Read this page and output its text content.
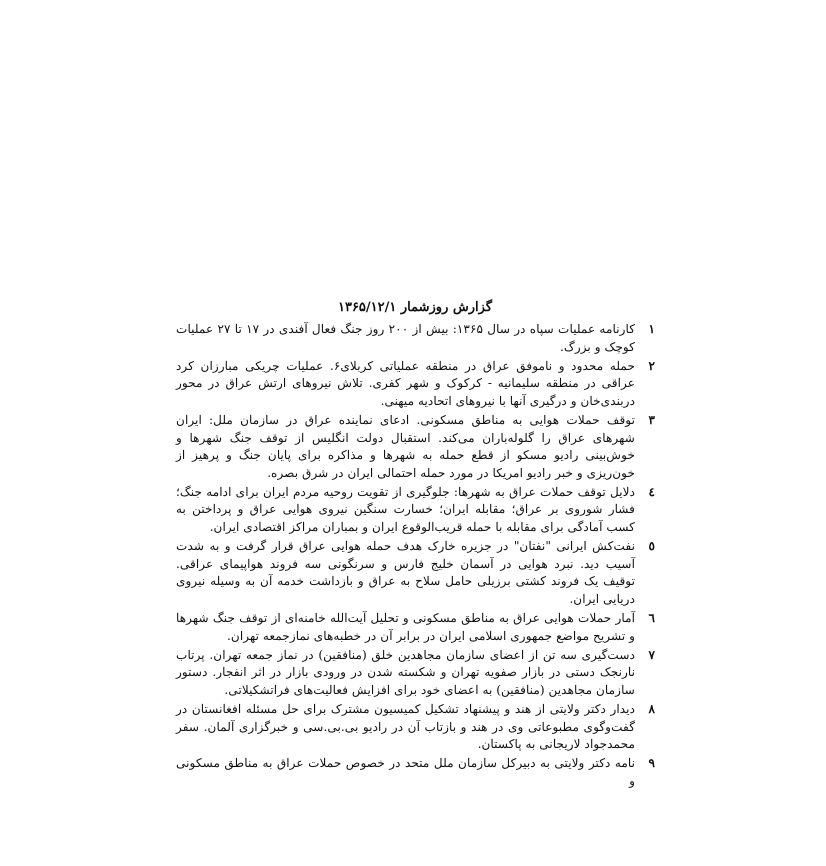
گزارش روزشمار ۱۳۶۵/۱۲/۱
۱
کارنامه عملیات سپاه در سال ۱۳۶۵: بیش از ۲۰۰ روز جنگ فعال آفندی در ۱۷ تا ۲۷ عملیات کوچک و بزرگ.
۲
حمله محدود و ناموفق عراق در منطقه عملیاتی کربلای۶. عملیات چریکی مبارزان کرد عراقی در منطقه سلیمانیه - کرکوک و شهر کفری. تلاش نیروهای ارتش عراق در محور دربندی‌خان و درگیری آنها با نیروهای اتحادیه میهنی.
۳
توقف حملات هوایی به مناطق مسکونی. ادعای نماینده عراق در سازمان ملل: ایران شهرهای عراق را گلوله‌باران می‌کند. استقبال دولت انگلیس از توقف جنگ شهرها و خوش‌بینی رادیو مسکو از قطع حمله به شهرها و مذاکره برای پایان جنگ و پرهیز از خون‌ریزی و خبر رادیو امریکا در مورد حمله احتمالی ایران در شرق بصره.
٤
دلایل توقف حملات عراق به شهرها: جلوگیری از تقویت روحیه مردم ایران برای ادامه جنگ؛ فشار شوروی بر عراق؛ مقابله ایران؛ خسارت سنگین نیروی هوایی عراق و پرداختن به کسب آمادگی برای مقابله با حمله قریب‌الوقوع ایران و بمباران مراکز اقتصادی ایران.
٥
نفت‌کش ایرانی "نفتان" در جزیره خارک هدف حمله هوایی عراق قرار گرفت و به شدت آسیب دید. نبرد هوایی در آسمان خلیج فارس و سرنگونی سه فروند هواپیمای عراقی. توقیف یک فروند کشتی برزیلی حامل سلاح به عراق و بازداشت خدمه آن به وسیله نیروی دریایی ایران.
٦
آمار حملات هوایی عراق به مناطق مسکونی و تحلیل آیت‌الله خامنه‌ای از توقف جنگ شهرها و تشریح مواضع جمهوری اسلامی ایران در برابر آن در خطبه‌های نمازجمعه تهران.
۷
دست‌گیری سه تن از اعضای سازمان مجاهدین خلق (منافقین) در نماز جمعه تهران. پرتاب نارنجک دستی در بازار صفویه تهران و شکسته شدن در ورودی بازار در اثر انفجار. دستور سازمان مجاهدین (منافقین) به اعضای خود برای افزایش فعالیت‌های فراتشکیلاتی.
۸
دیدار دکتر ولایتی از هند و پیشنهاد تشکیل کمیسیون مشترک برای حل مسئله افغانستان در گفت‌وگوی مطبوعاتی وی در هند و بازتاب آن در رادیو بی.بی.سی و خبرگزاری آلمان. سفر محمدجواد لاریجانی به پاکستان.
۹
نامه دکتر ولایتی به دبیرکل سازمان ملل متحد در خصوص حملات عراق به مناطق مسکونی و
